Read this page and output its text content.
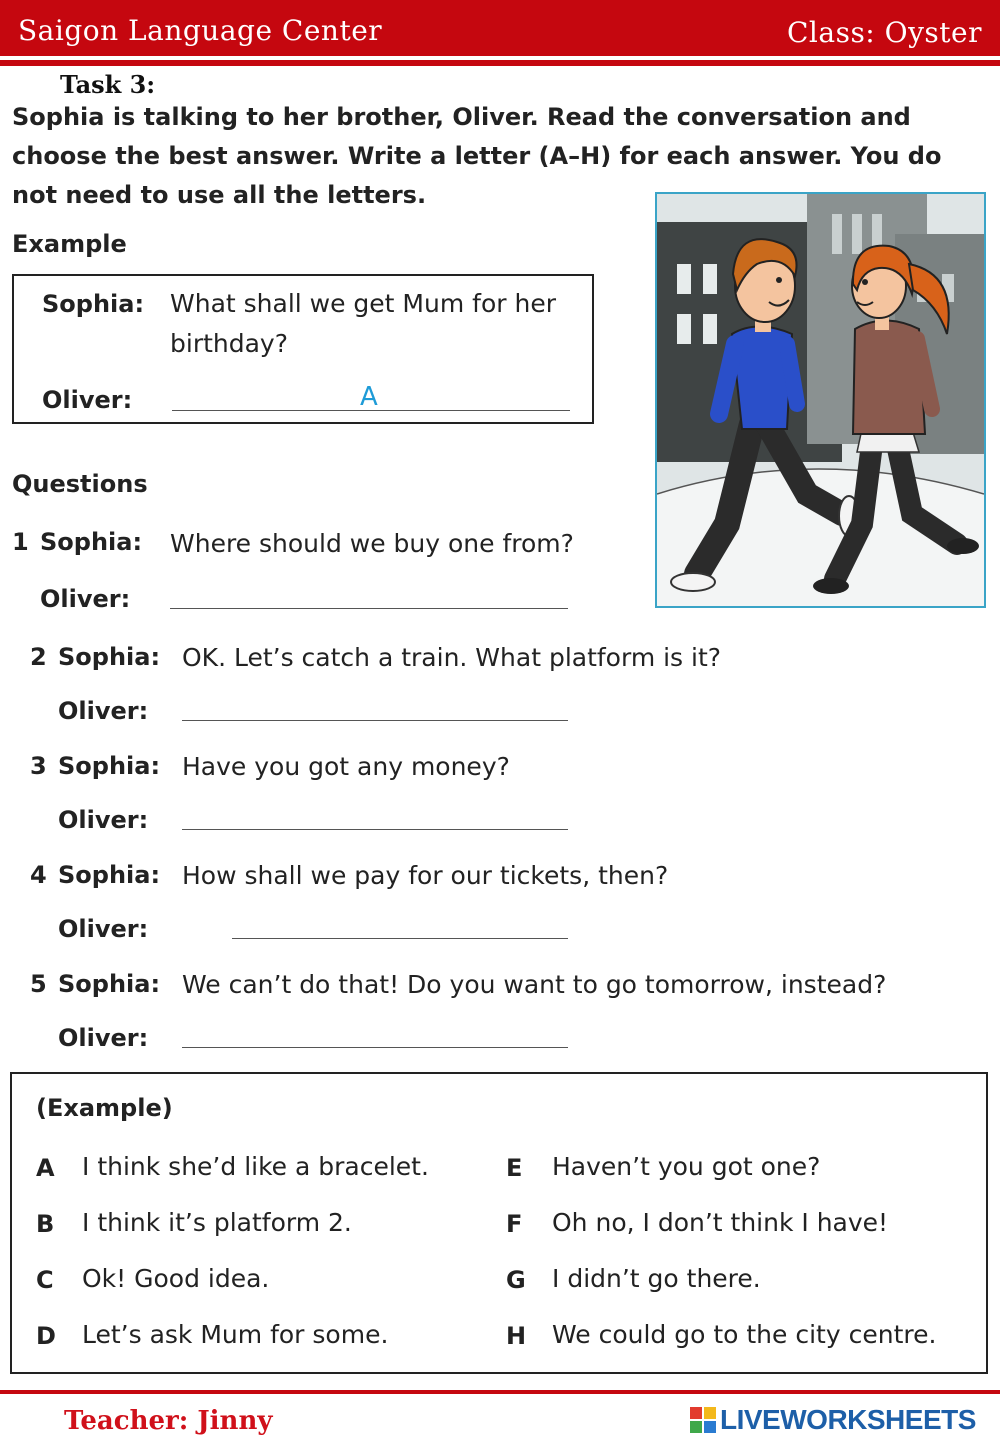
Saigon Language Center	Class: Oyster
Task 3:
Sophia is talking to her brother, Oliver. Read the conversation and choose the best answer. Write a letter (A–H) for each answer. You do not need to use all the letters.
Example
Sophia: What shall we get Mum for her birthday?
Oliver:	A
Questions
1 Sophia: Where should we buy one from?
Oliver:
2 Sophia: OK. Let’s catch a train. What platform is it?
Oliver:
3 Sophia: Have you got any money?
Oliver:
4 Sophia: How shall we pay for our tickets, then?
Oliver:
5 Sophia: We can’t do that! Do you want to go tomorrow, instead?
Oliver:
(Example)
A I think she’d like a bracelet.
B I think it’s platform 2.
C Ok! Good idea.
D Let’s ask Mum for some.
E Haven’t you got one?
F Oh no, I don’t think I have!
G I didn’t go there.
H We could go to the city centre.
Teacher: Jinny	LIVEWORKSHEETS
